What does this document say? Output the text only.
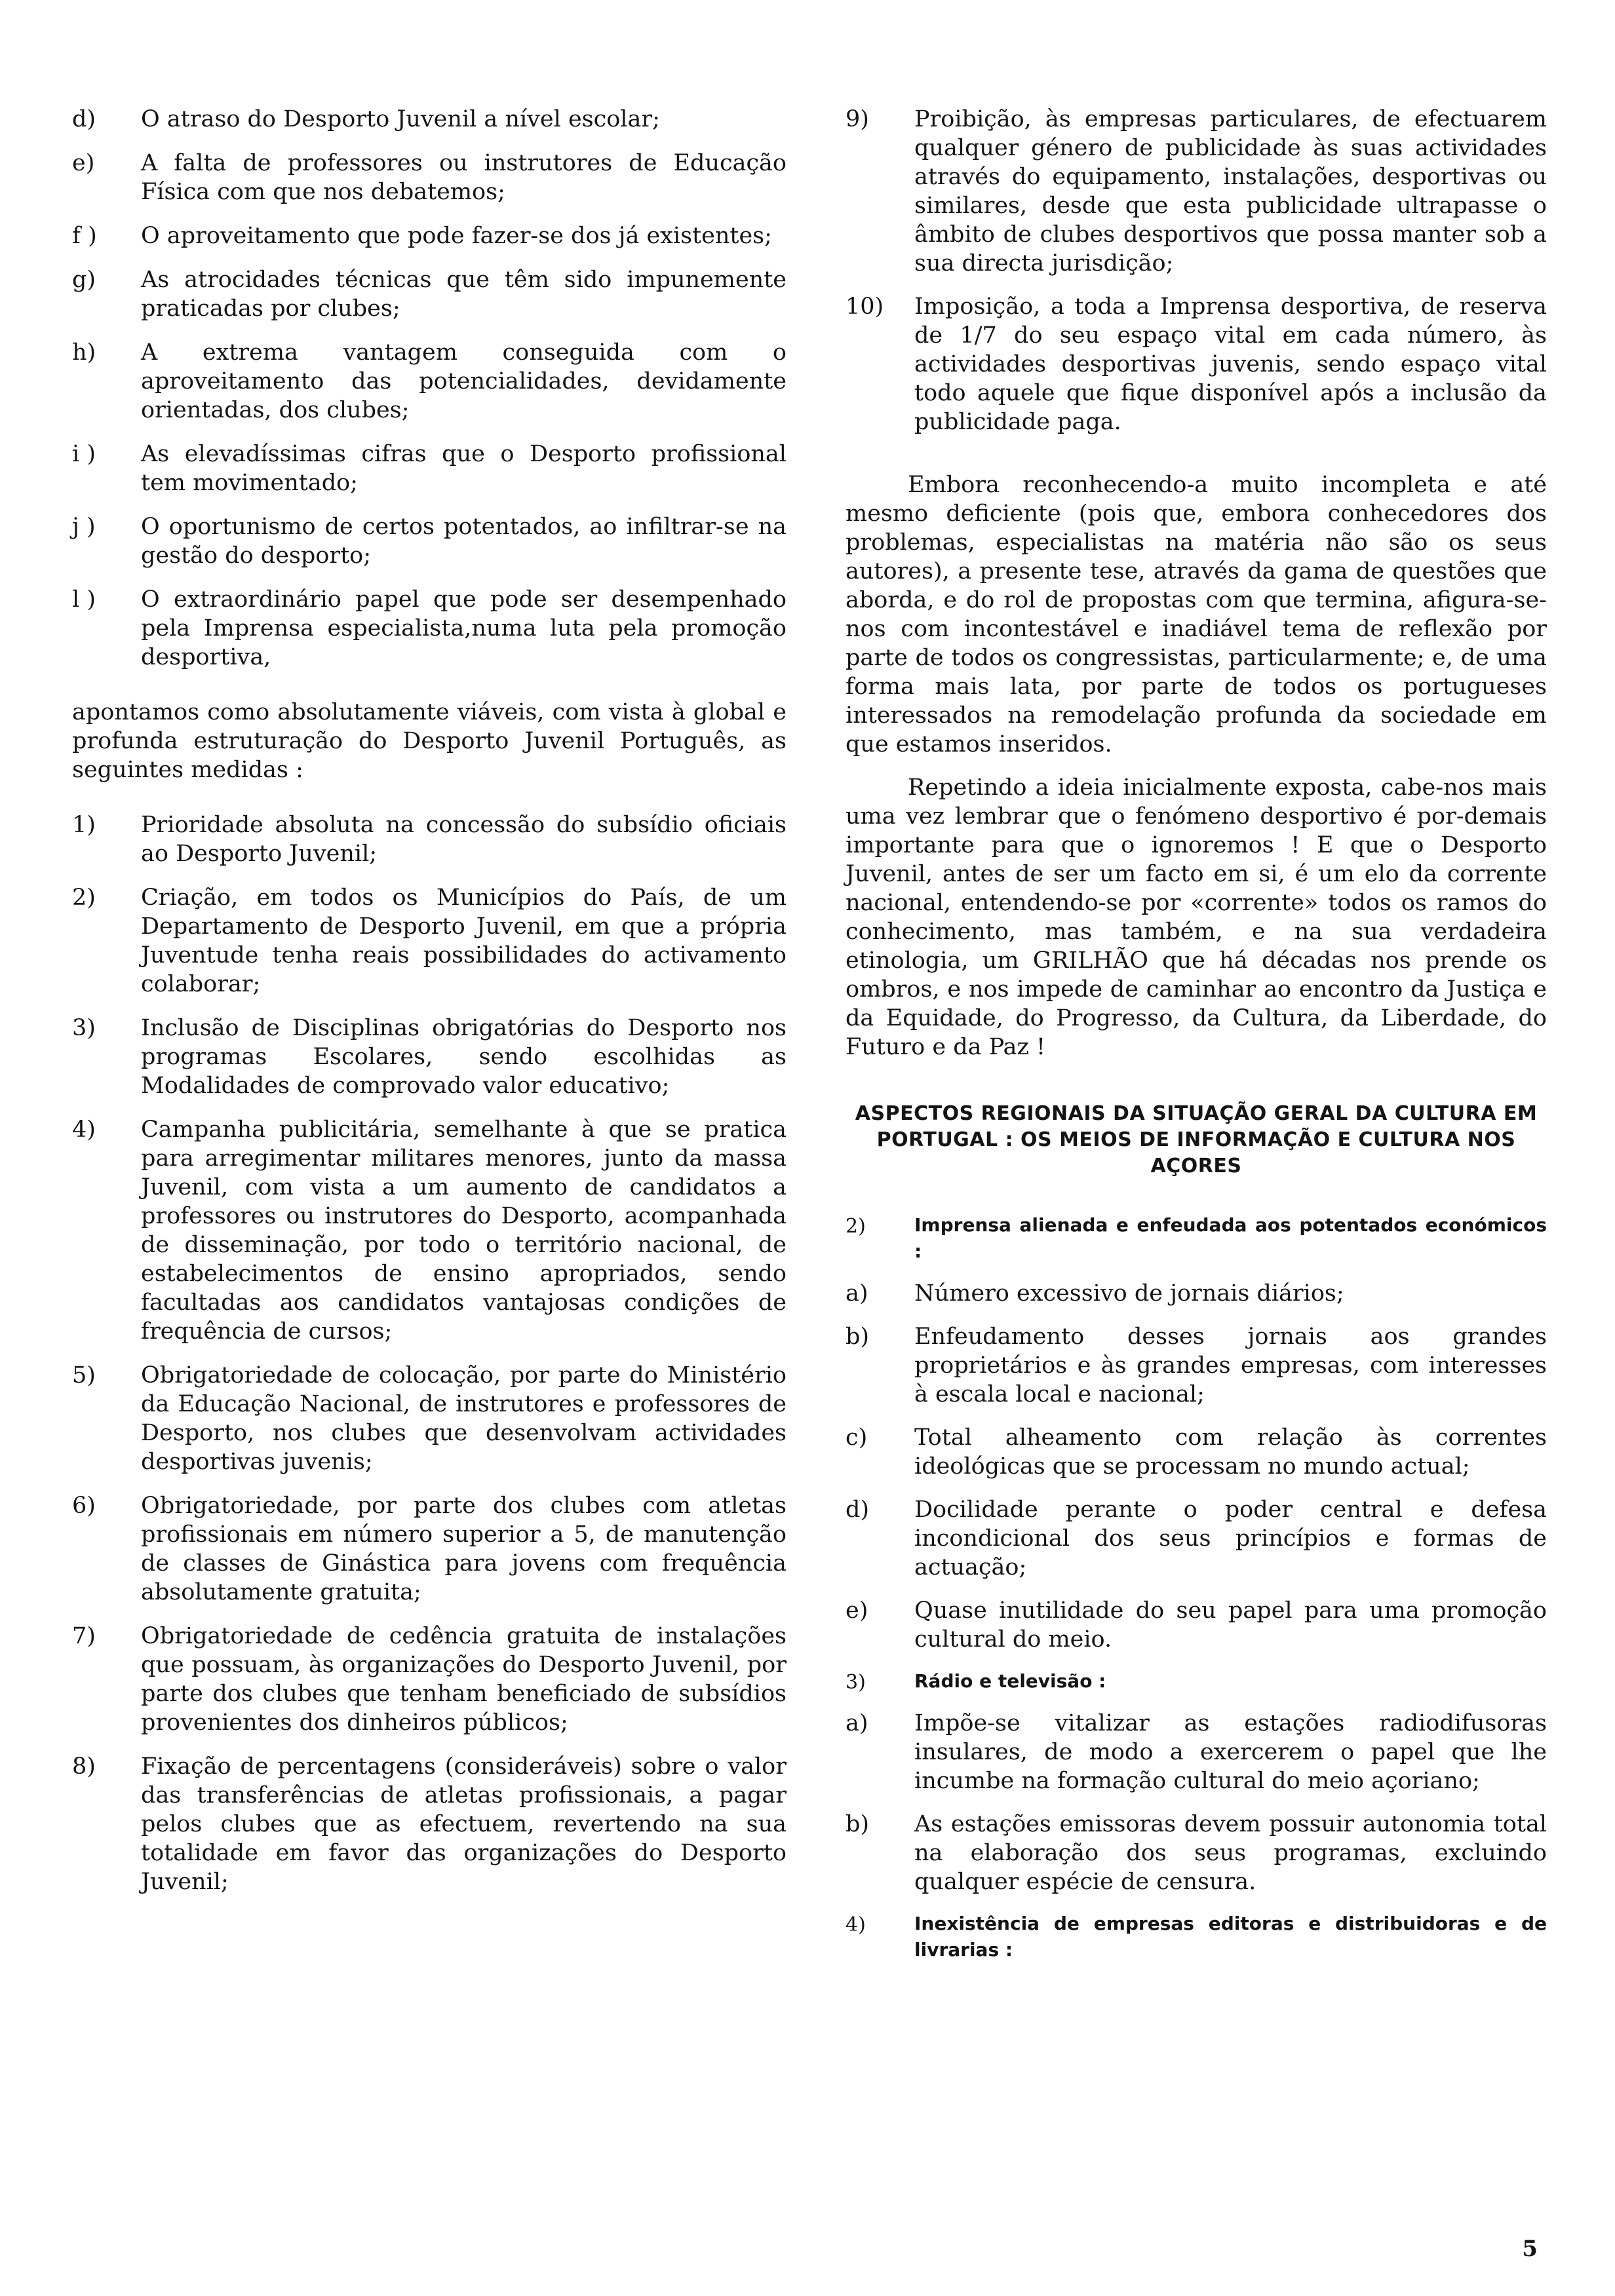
d)	O atraso do Desporto Juvenil a nível escolar;
e)	A falta de professores ou instrutores de Educação Física com que nos debatemos;
f )	O aproveitamento que pode fazer-se dos já existentes;
g)	As atrocidades técnicas que têm sido impunemente praticadas por clubes;
h)	A extrema vantagem conseguida com o aproveitamento das potencialidades, devidamente orientadas, dos clubes;
i )	As elevadíssimas cifras que o Desporto profissional tem movimentado;
j )	O oportunismo de certos potentados, ao infiltrar-se na gestão do desporto;
l )	O extraordinário papel que pode ser desempenhado pela Imprensa especialista,numa luta pela promoção desportiva,

apontamos como absolutamente viáveis, com vista à global e profunda estruturação do Desporto Juvenil Português, as seguintes medidas :

1)	Prioridade absoluta na concessão do subsídio oficiais ao Desporto Juvenil;
2)	Criação, em todos os Municípios do País, de um Departamento de Desporto Juvenil, em que a própria Juventude tenha reais possibilidades do activamento colaborar;
3)	Inclusão de Disciplinas obrigatórias do Desporto nos programas Escolares, sendo escolhidas as Modalidades de comprovado valor educativo;
4)	Campanha publicitária, semelhante à que se pratica para arregimentar militares menores, junto da massa Juvenil, com vista a um aumento de candidatos a professores ou instrutores do Desporto, acompanhada de disseminação, por todo o território nacional, de estabelecimentos de ensino apropriados, sendo facultadas aos candidatos vantajosas condições de frequência de cursos;
5)	Obrigatoriedade de colocação, por parte do Ministério da Educação Nacional, de instrutores e professores de Desporto, nos clubes que desenvolvam actividades desportivas juvenis;
6)	Obrigatoriedade, por parte dos clubes com atletas profissionais em número superior a 5, de manutenção de classes de Ginástica para jovens com frequência absolutamente gratuita;
7)	Obrigatoriedade de cedência gratuita de instalações que possuam, às organizações do Desporto Juvenil, por parte dos clubes que tenham beneficiado de subsídios provenientes dos dinheiros públicos;
8)	Fixação de percentagens (consideráveis) sobre o valor das transferências de atletas profissionais, a pagar pelos clubes que as efectuem, revertendo na sua totalidade em favor das organizações do Desporto Juvenil;
9)	Proibição, às empresas particulares, de efectuarem qualquer género de publicidade às suas actividades através do equipamento, instalações, desportivas ou similares, desde que esta publicidade ultrapasse o âmbito de clubes desportivos que possa manter sob a sua directa jurisdição;
10)	Imposição, a toda a Imprensa desportiva, de reserva de 1/7 do seu espaço vital em cada número, às actividades desportivas juvenis, sendo espaço vital todo aquele que fique disponível após a inclusão da publicidade paga.

Embora reconhecendo-a muito incompleta e até mesmo deficiente (pois que, embora conhecedores dos problemas, especialistas na matéria não são os seus autores), a presente tese, através da gama de questões que aborda, e do rol de propostas com que termina, afigura-se-nos com incontestável e inadiável tema de reflexão por parte de todos os congressistas, particularmente; e, de uma forma mais lata, por parte de todos os portugueses interessados na remodelação profunda da sociedade em que estamos inseridos.

Repetindo a ideia inicialmente exposta, cabe-nos mais uma vez lembrar que o fenómeno desportivo é por-demais importante para que o ignoremos ! E que o Desporto Juvenil, antes de ser um facto em si, é um elo da corrente nacional, entendendo-se por «corrente» todos os ramos do conhecimento, mas também, e na sua verdadeira etinologia, um GRILHÃO que há décadas nos prende os ombros, e nos impede de caminhar ao encontro da Justiça e da Equidade, do Progresso, da Cultura, da Liberdade, do Futuro e da Paz !

ASPECTOS REGIONAIS DA SITUAÇÃO GERAL DA CULTURA EM PORTUGAL : OS MEIOS DE INFORMAÇÃO E CULTURA NOS AÇORES
2)	Imprensa alienada e enfeudada aos potentados económicos :
a)	Número excessivo de jornais diários;
b)	Enfeudamento desses jornais aos grandes proprietários e às grandes empresas, com interesses à escala local e nacional;
c)	Total alheamento com relação às correntes ideológicas que se processam no mundo actual;
d)	Docilidade perante o poder central e defesa incondicional dos seus princípios e formas de actuação;
e)	Quase inutilidade do seu papel para uma promoção cultural do meio.
3)	Rádio e televisão :
a)	Impõe-se vitalizar as estações radiodifusoras insulares, de modo a exercerem o papel que lhe incumbe na formação cultural do meio açoriano;
b)	As estações emissoras devem possuir autonomia total na elaboração dos seus programas, excluindo qualquer espécie de censura.
4)	Inexistência de empresas editoras e distribuidoras e de livrarias :
5
